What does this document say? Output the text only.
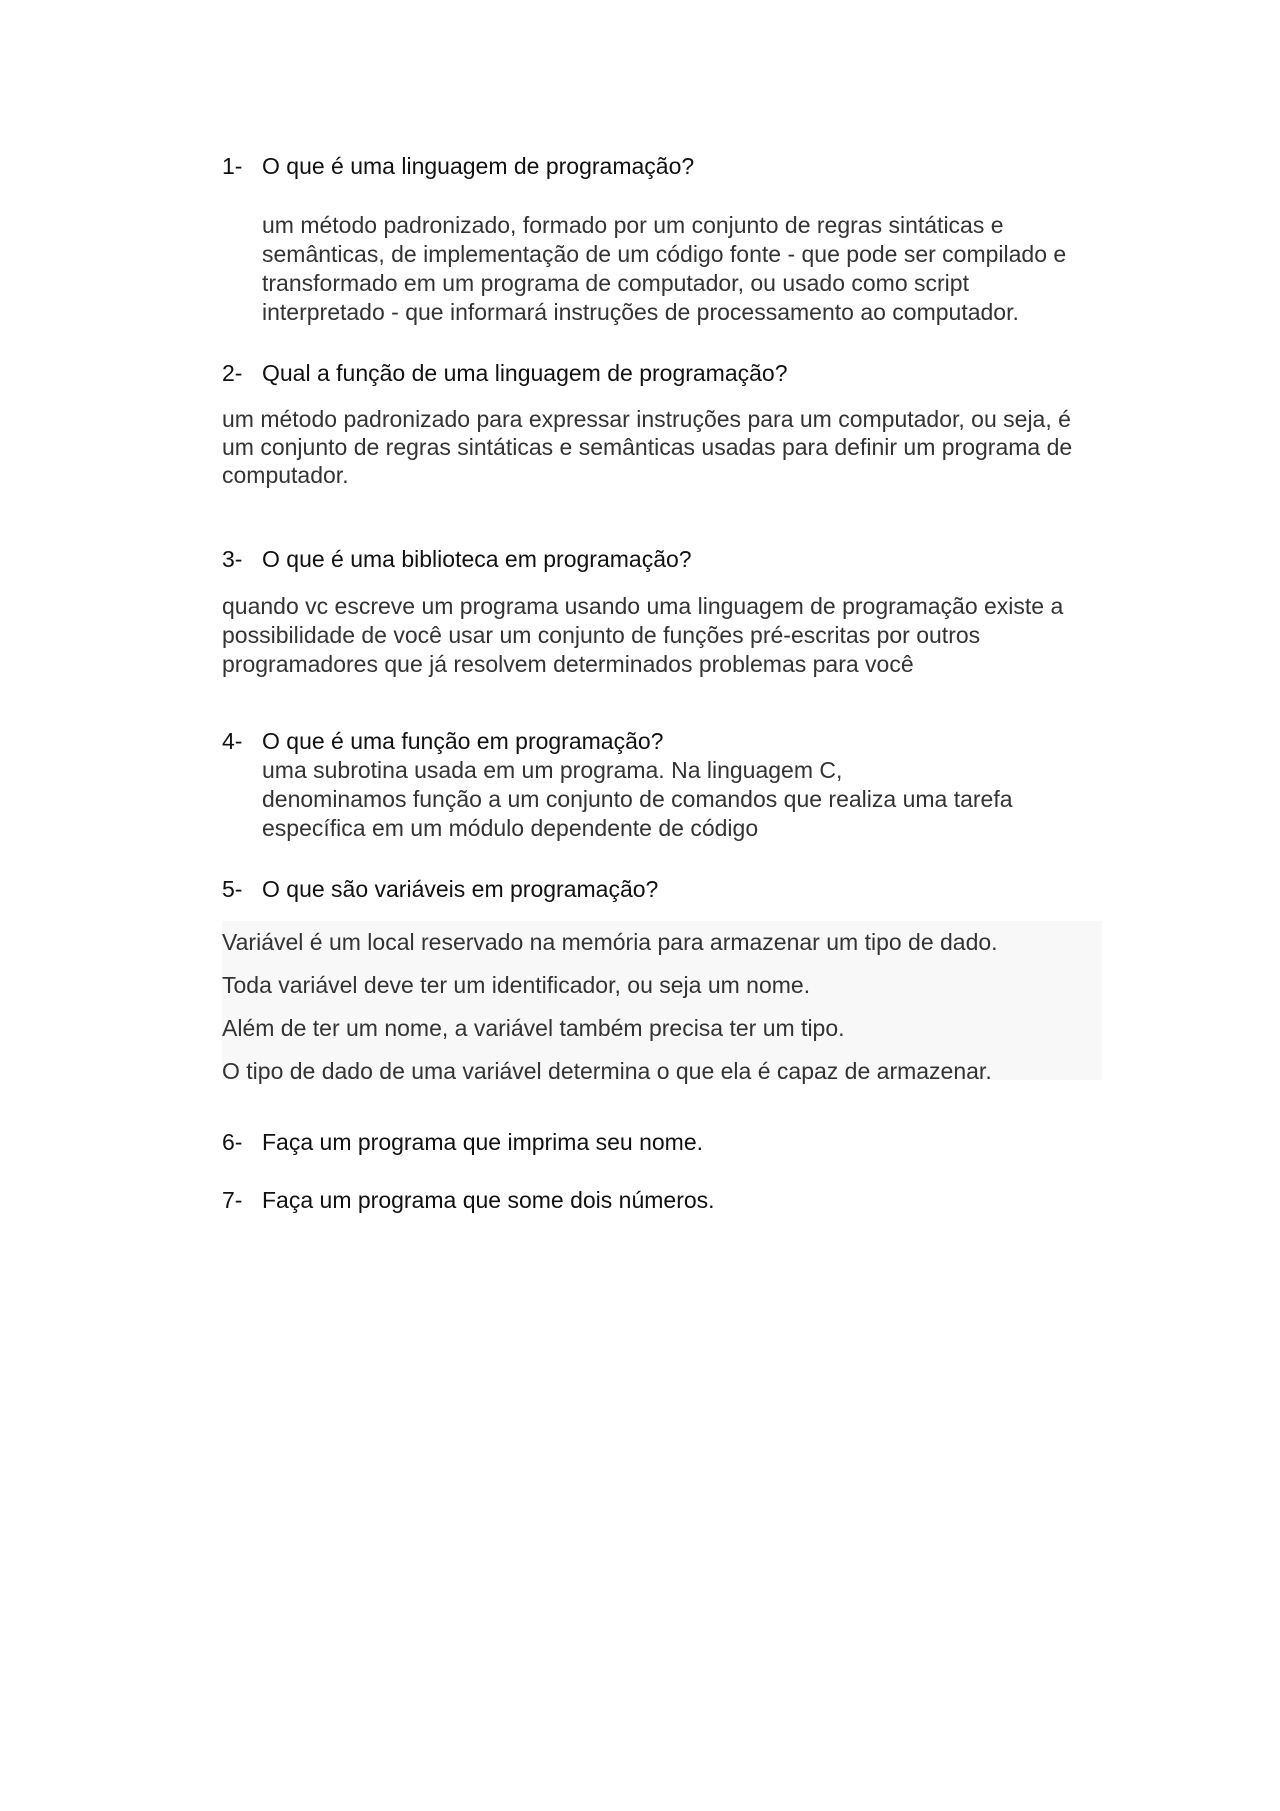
1- O que é uma linguagem de programação?
um método padronizado, formado por um conjunto de regras sintáticas e
semânticas, de implementação de um código fonte - que pode ser compilado e
transformado em um programa de computador, ou usado como script
interpretado - que informará instruções de processamento ao computador.
2- Qual a função de uma linguagem de programação?
um método padronizado para expressar instruções para um computador, ou seja, é
um conjunto de regras sintáticas e semânticas usadas para definir um programa de
computador.
3- O que é uma biblioteca em programação?
quando vc escreve um programa usando uma linguagem de programação existe a
possibilidade de você usar um conjunto de funções pré-escritas por outros
programadores que já resolvem determinados problemas para você
4- O que é uma função em programação?
uma subrotina usada em um programa. Na linguagem C,
denominamos função a um conjunto de comandos que realiza uma tarefa
específica em um módulo dependente de código
5- O que são variáveis em programação?
Variável é um local reservado na memória para armazenar um tipo de dado.
Toda variável deve ter um identificador, ou seja um nome.
Além de ter um nome, a variável também precisa ter um tipo.
O tipo de dado de uma variável determina o que ela é capaz de armazenar.
6- Faça um programa que imprima seu nome.
7- Faça um programa que some dois números.
